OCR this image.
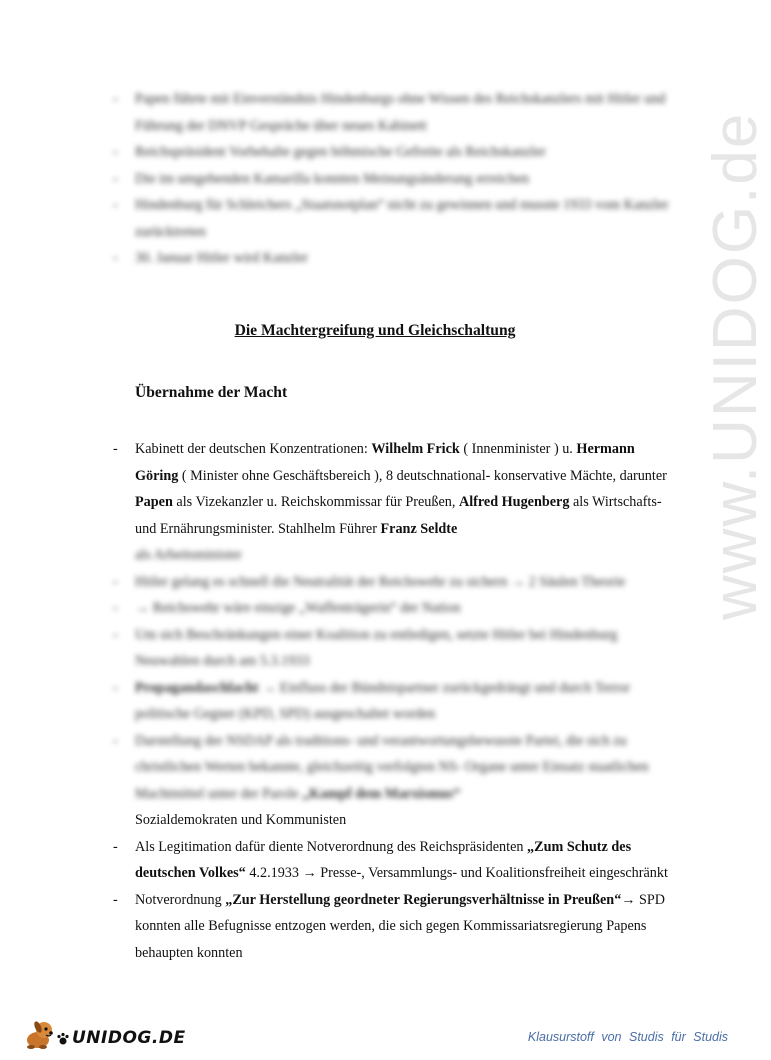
- Papen führte mit Einverständnis Hindenburgs ohne Wissen des Reichskanzlers mit Hitler und Führung der DNVP Gespräche über neues Kabinett
- Reichspräsident Vorbehalte gegen böhmische Gefreite als Reichskanzler
- Die im umgebenden Kamarilla konnten Meinungsänderung erreichen
- Hindenburg für Schleichers „Staatsnotplan“ nicht zu gewinnen und musste 1933 vom Kanzler zurücktreten
- 30. Januar Hitler wird Kanzler
Die Machtergreifung und Gleichschaltung
Übernahme der Macht
- Kabinett der deutschen Konzentrationen: Wilhelm Frick ( Innenminister ) u. Hermann Göring ( Minister ohne Geschäftsbereich ), 8 deutschnational- konservative Mächte, darunter Papen als Vizekanzler u. Reichskommissar für Preußen, Alfred Hugenberg als Wirtschafts- und Ernährungsminister. Stahlhelm Führer Franz Seldte
als Arbeitsminister
- Hitler gelang es schnell die Neutralität der Reichswehr zu sichern → 2 Säulen Theorie
- → Reichswehr wäre einzige „Waffenträgerin“ der Nation
- Um sich Beschränkungen einer Koalition zu entledigen, setzte Hitler bei Hindenburg Neuwahlen durch am 5.3.1933
- Propagandaschlacht → Einfluss der Bündnispartner zurückgedrängt und durch Terror politische Gegner (KPD, SPD) ausgeschaltet worden
- Darstellung der NSDAP als traditions- und verantwortungsbewusste Partei, die sich zu christlichen Werten bekannte, gleichzeitig verfolgten NS- Organe unter Einsatz staatlichen Machtmittel unter der Parole „Kampf dem Marxismus“
Sozialdemokraten und Kommunisten
- Als Legitimation dafür diente Notverordnung des Reichspräsidenten „Zum Schutz des deutschen Volkes“ 4.2.1933 → Presse-, Versammlungs- und Koalitionsfreiheit eingeschränkt
- Notverordnung „Zur Herstellung geordneter Regierungsverhältnisse in Preußen“→ SPD konnten alle Befugnisse entzogen werden, die sich gegen Kommissariatsregierung Papens behaupten konnten
www.UNIDOG.de
UNIDOG.DE	Klausurstoff von Studis für Studis
